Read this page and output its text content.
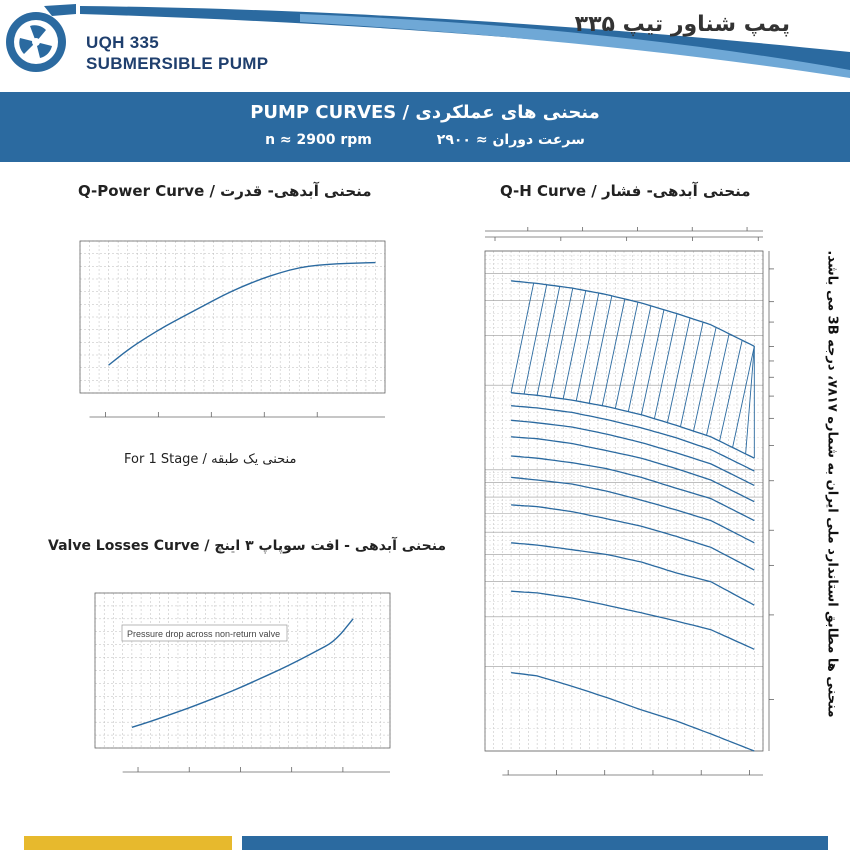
UQH 335
SUBMERSIBLE PUMP
پمپ شناور تیپ ۳۳۵
PUMP CURVES / منحنی های عملکردی
n ≈ 2900 rpm	سرعت دوران ≈ ۲۹۰۰
Q-Power Curve / منحنی آبدهی- قدرت
For 1 Stage / منحنی یک طبقه
Valve Losses Curve / منحنی آبدهی - افت سوپاپ ۳ اینچ
Q-H Curve / منحنی آبدهی- فشار
Pressure drop across non-return valve
منحنی ها مطابق استاندارد ملی ایران به شماره ۷۸۱۷، درجه 3B می باشد.
